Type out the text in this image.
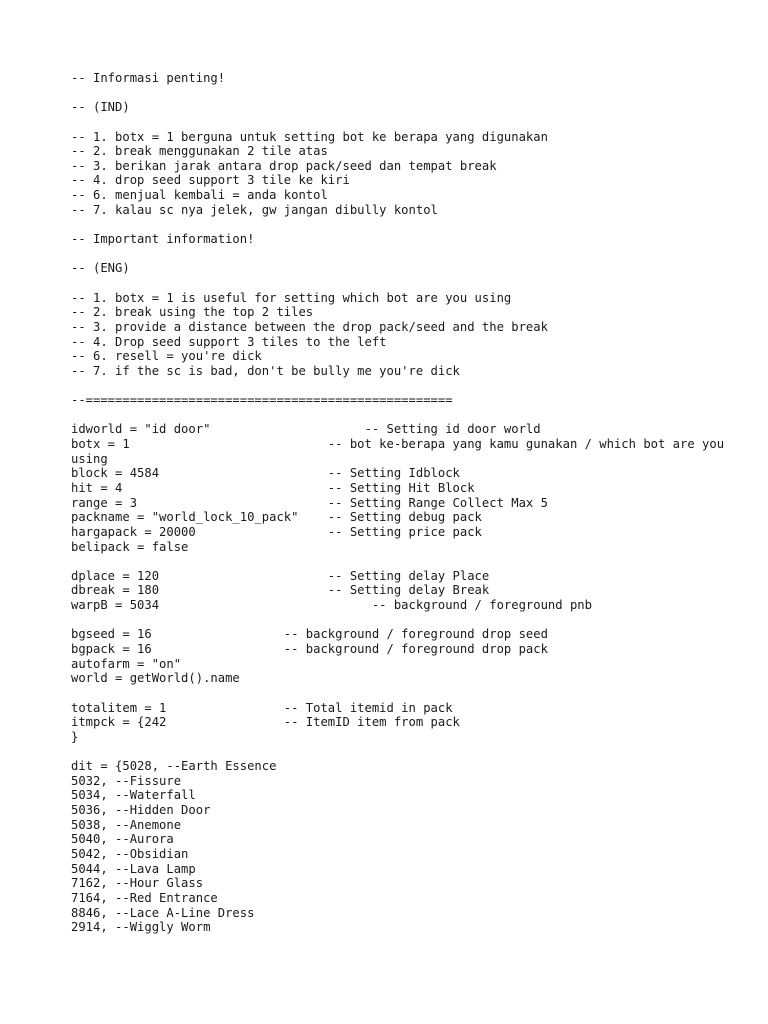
-- Informasi penting!
-- (IND)
-- 1. botx = 1 berguna untuk setting bot ke berapa yang digunakan
-- 2. break menggunakan 2 tile atas
-- 3. berikan jarak antara drop pack/seed dan tempat break
-- 4. drop seed support 3 tile ke kiri
-- 6. menjual kembali = anda kontol
-- 7. kalau sc nya jelek, gw jangan dibully kontol
-- Important information!
-- (ENG)
-- 1. botx = 1 is useful for setting which bot are you using
-- 2. break using the top 2 tiles
-- 3. provide a distance between the drop pack/seed and the break
-- 4. Drop seed support 3 tiles to the left
-- 6. resell = you're dick
-- 7. if the sc is bad, don't be bully me you're dick
--==================================================
idworld = "id door"                     -- Setting id door world
botx = 1                           -- bot ke-berapa yang kamu gunakan / which bot are you using
block = 4584                       -- Setting Idblock
hit = 4                            -- Setting Hit Block
range = 3                          -- Setting Range Collect Max 5
packname = "world_lock_10_pack"    -- Setting debug pack
hargapack = 20000                  -- Setting price pack
belipack = false
dplace = 120                       -- Setting delay Place
dbreak = 180                       -- Setting delay Break
warpB = 5034                             -- background / foreground pnb
bgseed = 16                  -- background / foreground drop seed
bgpack = 16                  -- background / foreground drop pack
autofarm = "on"
world = getWorld().name
totalitem = 1                -- Total itemid in pack
itmpck = {242                -- ItemID item from pack
}
dit = {5028, --Earth Essence
5032, --Fissure
5034, --Waterfall
5036, --Hidden Door
5038, --Anemone
5040, --Aurora
5042, --Obsidian
5044, --Lava Lamp
7162, --Hour Glass
7164, --Red Entrance
8846, --Lace A-Line Dress
2914, --Wiggly Worm
